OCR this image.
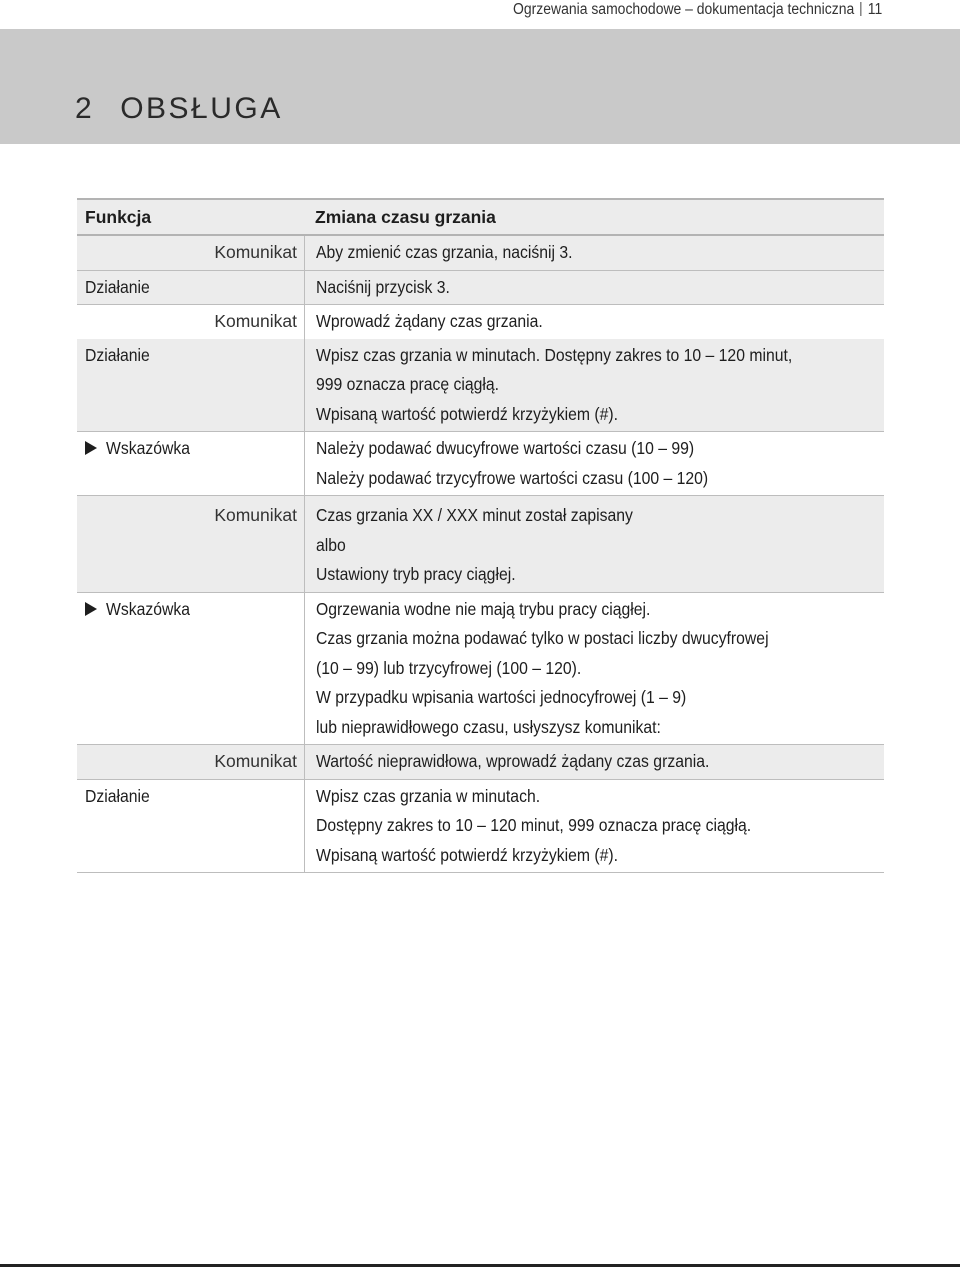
Ogrzewania samochodowe – dokumentacja techniczna 11
2 OBSŁUGA
Funkcja	Zmiana czasu grzania
Komunikat	Aby zmienić czas grzania, naciśnij 3.
Działanie	Naciśnij przycisk 3.
Komunikat	Wprowadź żądany czas grzania.
Działanie	Wpisz czas grzania w minutach. Dostępny zakres to 10 – 120 minut,
999 oznacza pracę ciągłą.
Wpisaną wartość potwierdź krzyżykiem (#).
Wskazówka	Należy podawać dwucyfrowe wartości czasu (10 – 99)
Należy podawać trzycyfrowe wartości czasu (100 – 120)
Komunikat	Czas grzania XX / XXX minut został zapisany
albo
Ustawiony tryb pracy ciągłej.
Wskazówka	Ogrzewania wodne nie mają trybu pracy ciągłej.
Czas grzania można podawać tylko w postaci liczby dwucyfrowej
(10 – 99) lub trzycyfrowej (100 – 120).
W przypadku wpisania wartości jednocyfrowej (1 – 9)
lub nieprawidłowego czasu, usłyszysz komunikat:
Komunikat	Wartość nieprawidłowa, wprowadź żądany czas grzania.
Działanie	Wpisz czas grzania w minutach.
Dostępny zakres to 10 – 120 minut, 999 oznacza pracę ciągłą.
Wpisaną wartość potwierdź krzyżykiem (#).
